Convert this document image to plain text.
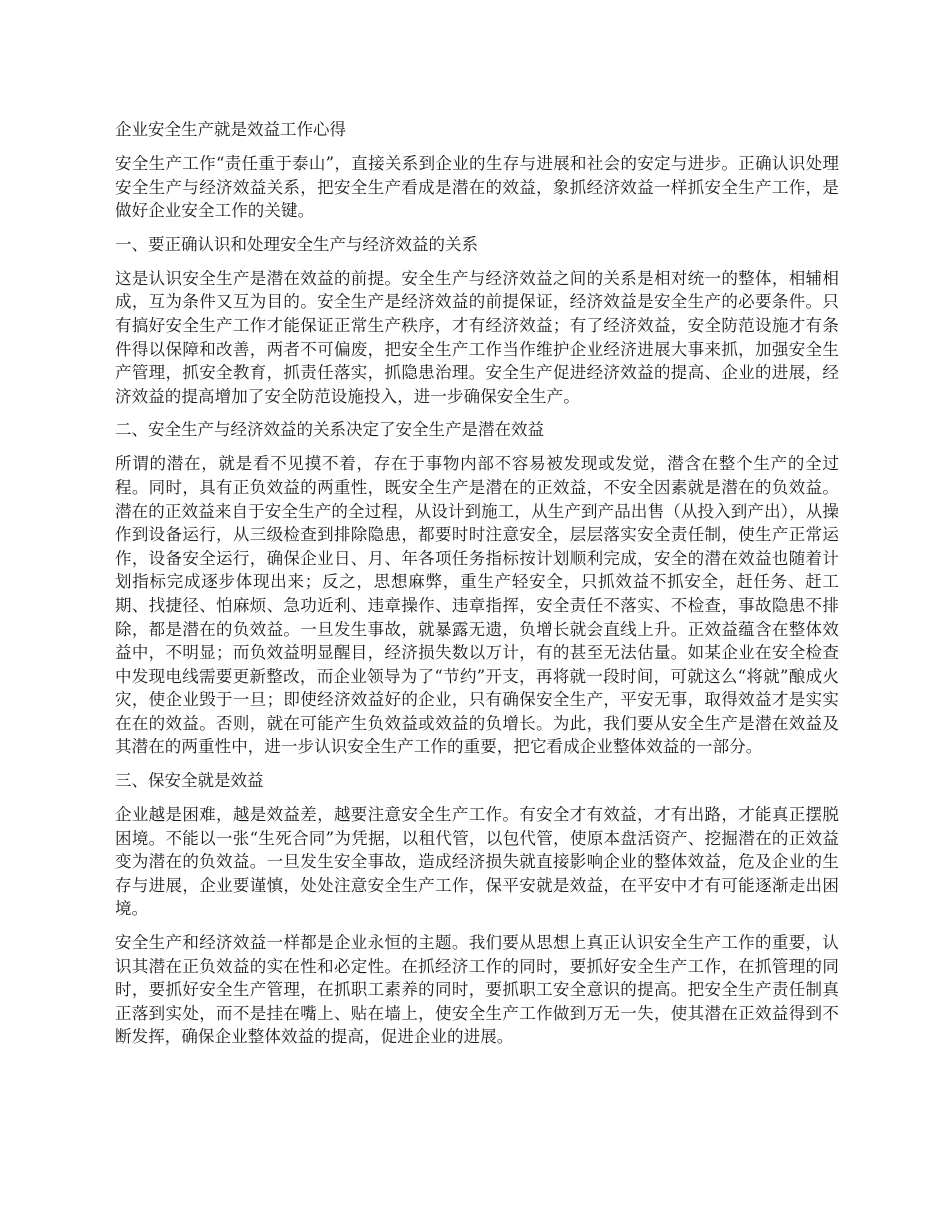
企业安全生产就是效益工作心得

安全生产工作“责任重于泰山”，直接关系到企业的生存与进展和社会的安定与进步。正确认识处理安全生产与经济效益关系，把安全生产看成是潜在的效益，象抓经济效益一样抓安全生产工作，是做好企业安全工作的关键。

一、要正确认识和处理安全生产与经济效益的关系

这是认识安全生产是潜在效益的前提。安全生产与经济效益之间的关系是相对统一的整体，相辅相成，互为条件又互为目的。安全生产是经济效益的前提保证，经济效益是安全生产的必要条件。只有搞好安全生产工作才能保证正常生产秩序，才有经济效益；有了经济效益，安全防范设施才有条件得以保障和改善，两者不可偏废，把安全生产工作当作维护企业经济进展大事来抓，加强安全生产管理，抓安全教育，抓责任落实，抓隐患治理。安全生产促进经济效益的提高、企业的进展，经济效益的提高增加了安全防范设施投入，进一步确保安全生产。

二、安全生产与经济效益的关系决定了安全生产是潜在效益

所谓的潜在，就是看不见摸不着，存在于事物内部不容易被发现或发觉，潜含在整个生产的全过程。同时，具有正负效益的两重性，既安全生产是潜在的正效益，不安全因素就是潜在的负效益。潜在的正效益来自于安全生产的全过程，从设计到施工，从生产到产品出售（从投入到产出），从操作到设备运行，从三级检查到排除隐患，都要时时注意安全，层层落实安全责任制，使生产正常运作，设备安全运行，确保企业日、月、年各项任务指标按计划顺利完成，安全的潜在效益也随着计划指标完成逐步体现出来；反之，思想麻弊，重生产轻安全，只抓效益不抓安全，赶任务、赶工期、找捷径、怕麻烦、急功近利、违章操作、违章指挥，安全责任不落实、不检查，事故隐患不排除，都是潜在的负效益。一旦发生事故，就暴露无遗，负增长就会直线上升。正效益蕴含在整体效益中，不明显；而负效益明显醒目，经济损失数以万计，有的甚至无法估量。如某企业在安全检查中发现电线需要更新整改，而企业领导为了“节约”开支，再将就一段时间，可就这么“将就”酿成火灾，使企业毁于一旦；即使经济效益好的企业，只有确保安全生产，平安无事，取得效益才是实实在在的效益。否则，就在可能产生负效益或效益的负增长。为此，我们要从安全生产是潜在效益及其潜在的两重性中，进一步认识安全生产工作的重要，把它看成企业整体效益的一部分。

三、保安全就是效益

企业越是困难，越是效益差，越要注意安全生产工作。有安全才有效益，才有出路，才能真正摆脱困境。不能以一张“生死合同”为凭据，以租代管，以包代管，使原本盘活资产、挖掘潜在的正效益变为潜在的负效益。一旦发生安全事故，造成经济损失就直接影响企业的整体效益，危及企业的生存与进展，企业要谨慎，处处注意安全生产工作，保平安就是效益，在平安中才有可能逐渐走出困境。

安全生产和经济效益一样都是企业永恒的主题。我们要从思想上真正认识安全生产工作的重要，认识其潜在正负效益的实在性和必定性。在抓经济工作的同时，要抓好安全生产工作，在抓管理的同时，要抓好安全生产管理，在抓职工素养的同时，要抓职工安全意识的提高。把安全生产责任制真正落到实处，而不是挂在嘴上、贴在墙上，使安全生产工作做到万无一失，使其潜在正效益得到不断发挥，确保企业整体效益的提高，促进企业的进展。
